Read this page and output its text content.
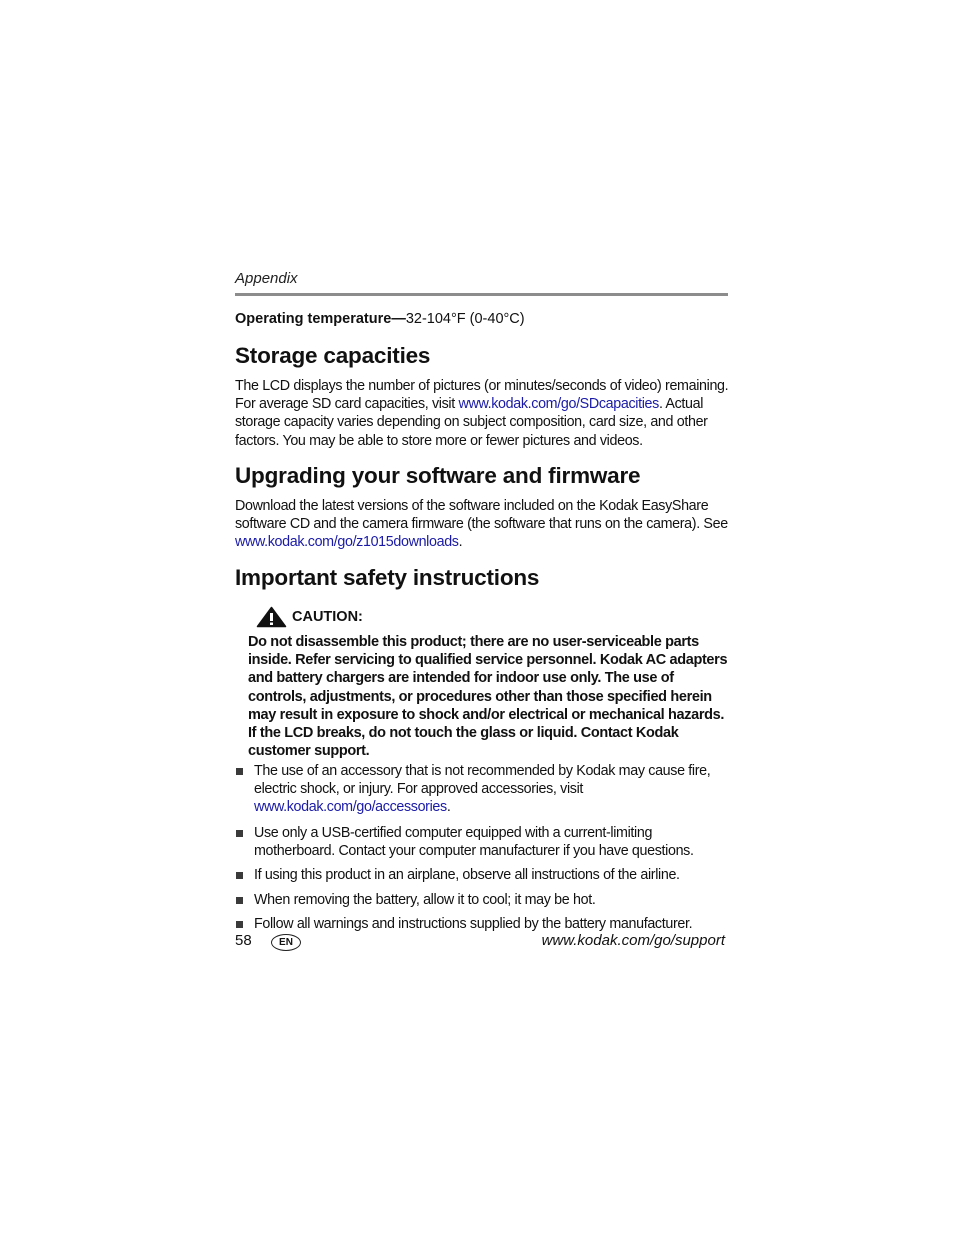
Appendix
Operating temperature—32-104°F (0-40°C)
Storage capacities
The LCD displays the number of pictures (or minutes/seconds of video) remaining. For average SD card capacities, visit www.kodak.com/go/SDcapacities. Actual storage capacity varies depending on subject composition, card size, and other factors. You may be able to store more or fewer pictures and videos.
Upgrading your software and firmware
Download the latest versions of the software included on the Kodak EasyShare software CD and the camera firmware (the software that runs on the camera). See www.kodak.com/go/z1015downloads.
Important safety instructions
CAUTION:
Do not disassemble this product; there are no user-serviceable parts inside. Refer servicing to qualified service personnel. Kodak AC adapters and battery chargers are intended for indoor use only. The use of controls, adjustments, or procedures other than those specified herein may result in exposure to shock and/or electrical or mechanical hazards. If the LCD breaks, do not touch the glass or liquid. Contact Kodak customer support.
The use of an accessory that is not recommended by Kodak may cause fire, electric shock, or injury. For approved accessories, visit www.kodak.com/go/accessories.
Use only a USB-certified computer equipped with a current-limiting motherboard. Contact your computer manufacturer if you have questions.
If using this product in an airplane, observe all instructions of the airline.
When removing the battery, allow it to cool; it may be hot.
Follow all warnings and instructions supplied by the battery manufacturer.
58	EN	www.kodak.com/go/support
